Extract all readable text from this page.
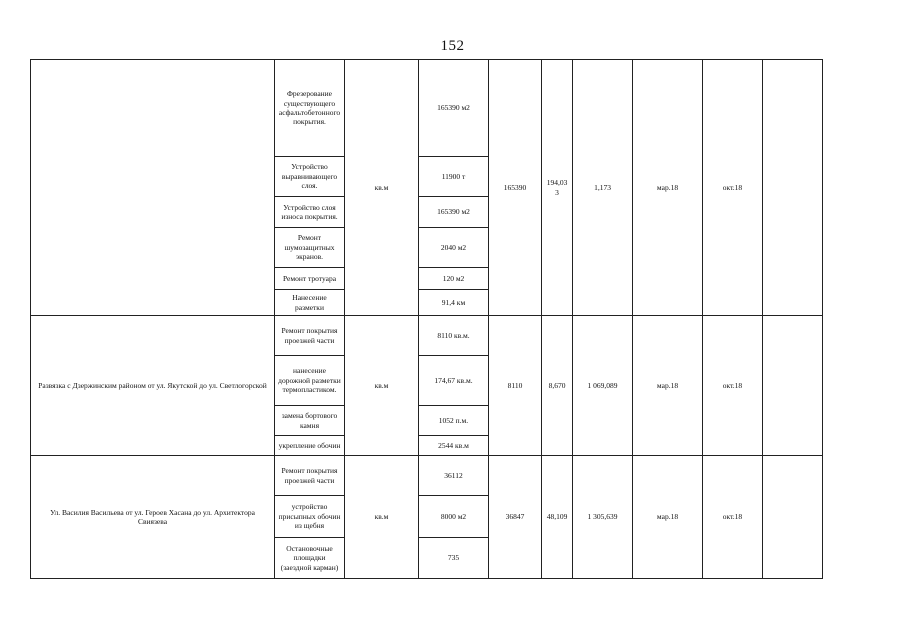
152
	Фрезерование существующего асфальтобетонного покрытия.	кв.м	165390 м2	165390	194,033	1,173	мар.18	окт.18	
	Устройство выравнивающего слоя.		11900 т						
	Устройство слоя износа покрытия.		165390 м2						
	Ремонт шумозащитных экранов.		2040 м2						
	Ремонт тротуара		120 м2						
	Нанесение разметки		91,4 км						
Развязка с Дзержинским районом от ул. Якутской до ул. Светлогорской	Ремонт покрытия проезжей части	кв.м	8110 кв.м.	8110	8,670	1 069,089	мар.18	окт.18	
	нанесение дорожной разметки термопластиком.		174,67 кв.м.						
	замена бортового камня		1052 п.м.						
	укрепление обочин		2544 кв.м						
Ул. Василия Васильева от ул. Героев Хасана до ул. Архитектора Свиязева	Ремонт покрытия проезжей части	кв.м	36112	36847	48,109	1 305,639	мар.18	окт.18	
	устройство присыпных обочин из щебня		8000 м2						
	Остановочные площадки (заездной карман)		735						
